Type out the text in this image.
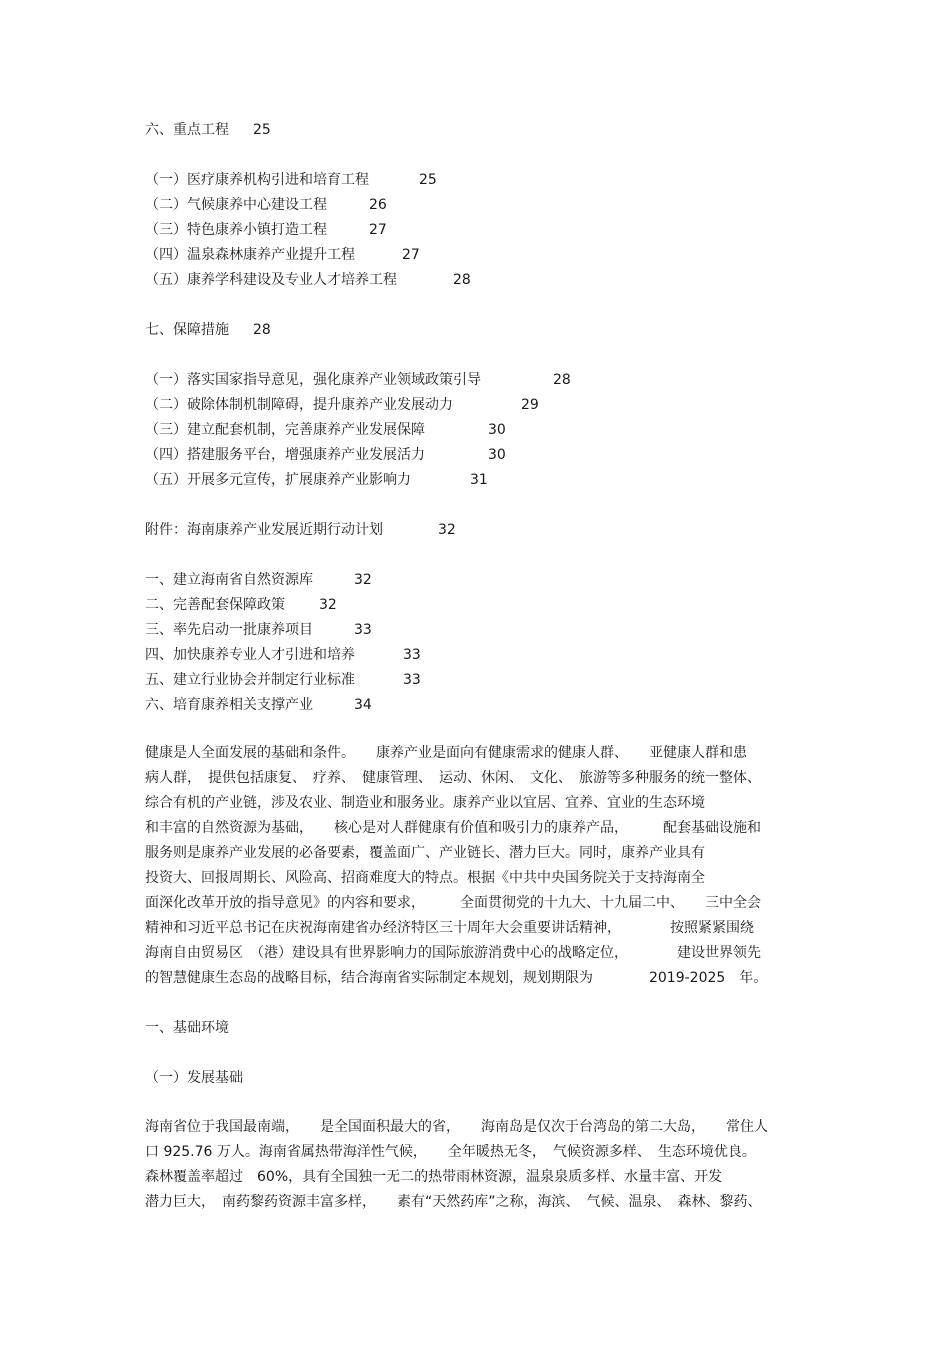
六、重点工程 25
（一）医疗康养机构引进和培育工程	25
（二）气候康养中心建设工程	26
（三）特色康养小镇打造工程	27
（四）温泉森林康养产业提升工程	27
（五）康养学科建设及专业人才培养工程	28
七、保障措施 28
（一）落实国家指导意见，强化康养产业领域政策引导	28
（二）破除体制机制障碍，提升康养产业发展动力	29
（三）建立配套机制，完善康养产业发展保障	30
（四）搭建服务平台，增强康养产业发展活力	30
（五）开展多元宣传，扩展康养产业影响力	31
附件：海南康养产业发展近期行动计划	32
一、建立海南省自然资源库	32
二、完善配套保障政策 32
三、率先启动一批康养项目	33
四、加快康养专业人才引进和培养	33
五、建立行业协会并制定行业标准	33
六、培育康养相关支撑产业	34
健康是人全面发展的基础和条件。　　康养产业是面向有健康需求的健康人群、　　亚健康人群和患
病人群，　提供包括康复、　疗养、　健康管理、　运动、休闲、　文化、　旅游等多种服务的统一整体、
综合有机的产业链，涉及农业、制造业和服务业。康养产业以宜居、宜养、宜业的生态环境
和丰富的自然资源为基础，　　核心是对人群健康有价值和吸引力的康养产品，　　　配套基础设施和
服务则是康养产业发展的必备要素，覆盖面广、产业链长、潜力巨大。同时，康养产业具有
投资大、回报周期长、风险高、招商难度大的特点。根据《中共中央国务院关于支持海南全
面深化改革开放的指导意见》的内容和要求，　　　全面贯彻党的十九大、十九届二中、　　三中全会
精神和习近平总书记在庆祝海南建省办经济特区三十周年大会重要讲话精神，　　　　按照紧紧围绕
海南自由贸易区　（港）建设具有世界影响力的国际旅游消费中心的战略定位，　　　　建设世界领先
的智慧健康生态岛的战略目标，结合海南省实际制定本规划，规划期限为　　　　2019-2025　年。
一、基础环境
（一）发展基础
海南省位于我国最南端，　　是全国面积最大的省，　　海南岛是仅次于台湾岛的第二大岛，　　常住人
口 925.76 万人。海南省属热带海洋性气候，　　全年暖热无冬，　气候资源多样、　生态环境优良。
森林覆盖率超过　60%，具有全国独一无二的热带雨林资源，温泉泉质多样、水量丰富、开发
潜力巨大，　南药黎药资源丰富多样，　　素有“天然药库”之称，海滨、　气候、温泉、　森林、黎药、
